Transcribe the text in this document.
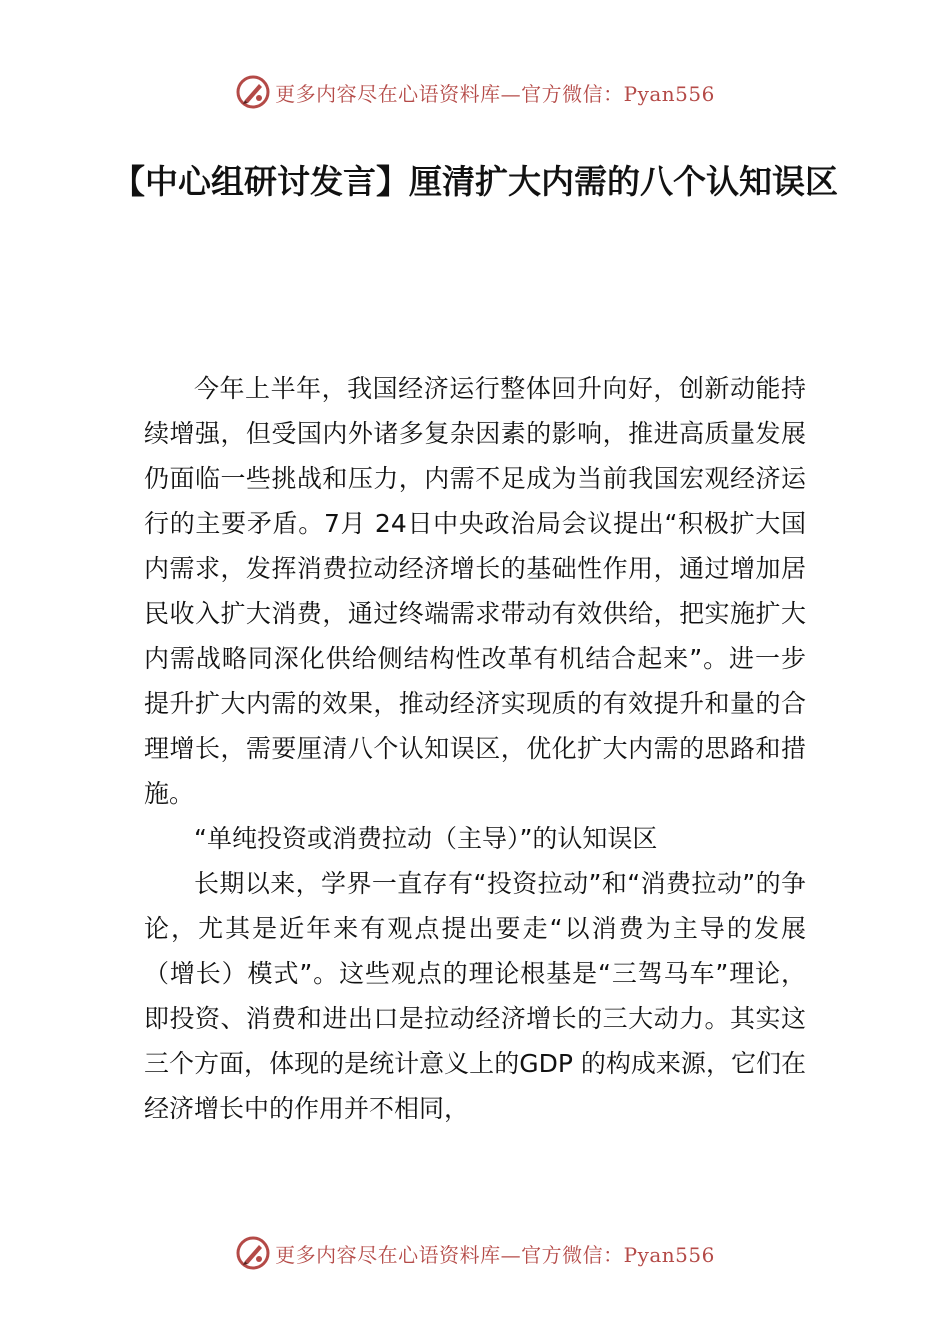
更多内容尽在心语资料库—官方微信：Pyan556
【中心组研讨发言】厘清扩大内需的八个认知误区

今年上半年，我国经济运行整体回升向好，创新动能持续增强，但受国内外诸多复杂因素的影响，推进高质量发展仍面临一些挑战和压力，内需不足成为当前我国宏观经济运行的主要矛盾。7月 24日中央政治局会议提出“积极扩大国内需求，发挥消费拉动经济增长的基础性作用，通过增加居民收入扩大消费，通过终端需求带动有效供给，把实施扩大内需战略同深化供给侧结构性改革有机结合起来”。进一步提升扩大内需的效果，推动经济实现质的有效提升和量的合理增长，需要厘清八个认知误区，优化扩大内需的思路和措施。

“单纯投资或消费拉动（主导）”的认知误区

长期以来，学界一直存有“投资拉动”和“消费拉动”的争论，尤其是近年来有观点提出要走“以消费为主导的发展（增长）模式”。这些观点的理论根基是“三驾马车”理论，即投资、消费和进出口是拉动经济增长的三大动力。其实这三个方面，体现的是统计意义上的GDP 的构成来源，它们在经济增长中的作用并不相同，

更多内容尽在心语资料库—官方微信：Pyan556
